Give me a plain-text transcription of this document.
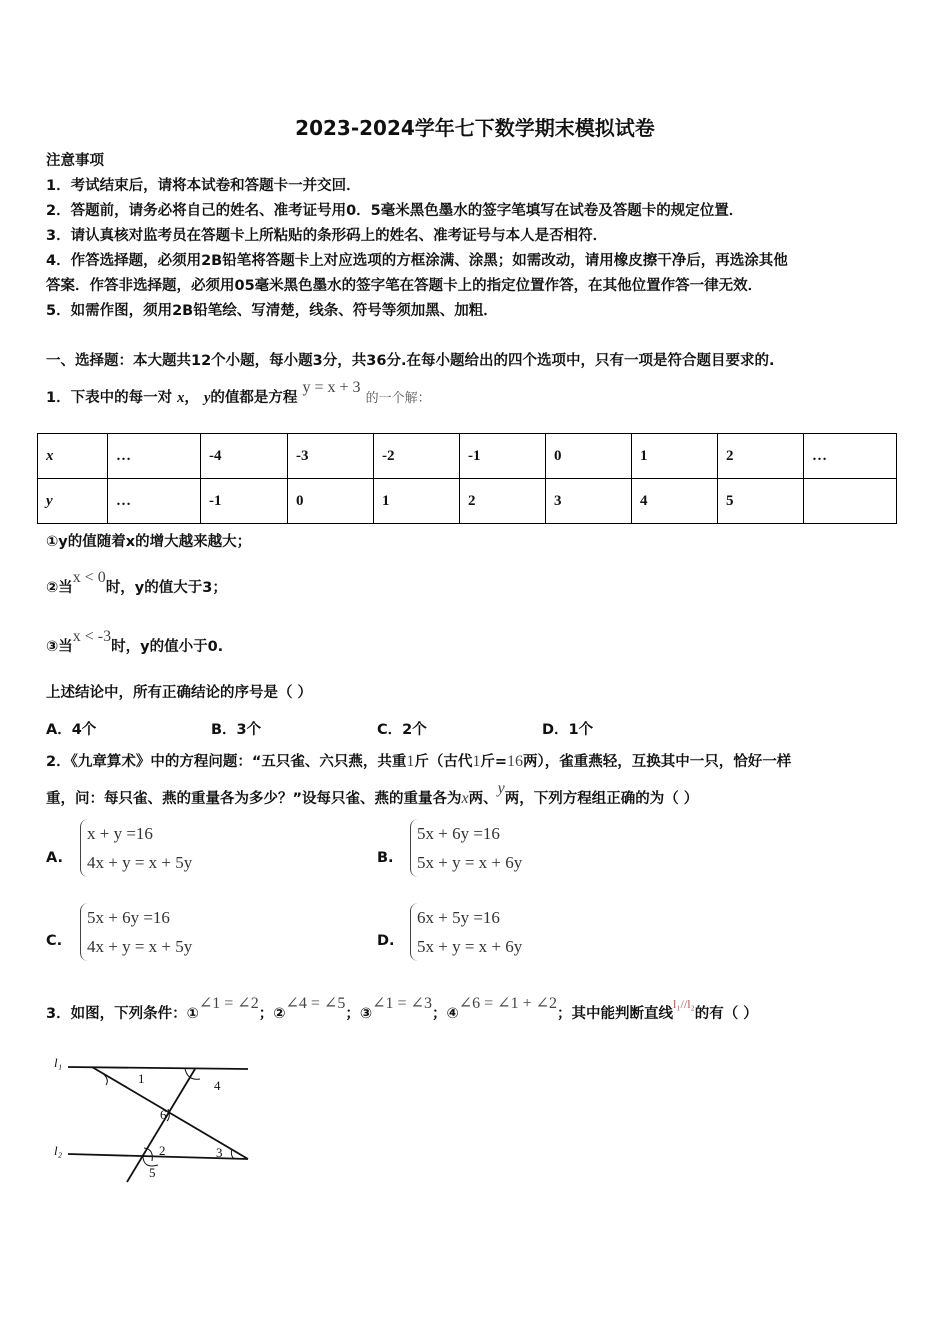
2023-2024学年七下数学期末模拟试卷
注意事项
1．考试结束后，请将本试卷和答题卡一并交回．
2．答题前，请务必将自己的姓名、准考证号用0．5毫米黑色墨水的签字笔填写在试卷及答题卡的规定位置．
3．请认真核对监考员在答题卡上所粘贴的条形码上的姓名、准考证号与本人是否相符．
4．作答选择题，必须用2B铅笔将答题卡上对应选项的方框涂满、涂黑；如需改动，请用橡皮擦干净后，再选涂其他
答案．作答非选择题，必须用05毫米黑色墨水的签字笔在答题卡上的指定位置作答，在其他位置作答一律无效．
5．如需作图，须用2B铅笔绘、写清楚，线条、符号等须加黑、加粗．
一、选择题：本大题共12个小题，每小题3分，共36分.在每小题给出的四个选项中，只有一项是符合题目要求的.
1．下表中的每一对 x， y的值都是方程 y = x + 3 的一个解：
x	…	-4	-3	-2	-1	0	1	2	…
y	…	-1	0	1	2	3	4	5	
①y的值随着x的增大越来越大；
②当x < 0时，y的值大于3；
③当x < -3时，y的值小于0.
上述结论中，所有正确结论的序号是（ ）
A．4个	B．3个	C．2个	D．1个
2．《九章算术》中的方程问题：“五只雀、六只燕，共重1斤（古代1斤=16两），雀重燕轻，互换其中一只，恰好一样
重，问：每只雀、燕的重量各为多少？”设每只雀、燕的重量各为x两、y两，下列方程组正确的为（ ）
A.
x + y =16
4x + y = x + 5y	B.
5x + 6y =16
5x + y = x + 6y
C.
5x + 6y =16
4x + y = x + 5y	D.
6x + 5y =16
5x + y = x + 6y
3．如图，下列条件：①∠1 = ∠2；②∠4 = ∠5；③∠1 = ∠3；④∠6 = ∠1 + ∠2；其中能判断直线$^{l_1//l_2}$的有（ ）
l₁
l₂
1	4
6
2	3
5
